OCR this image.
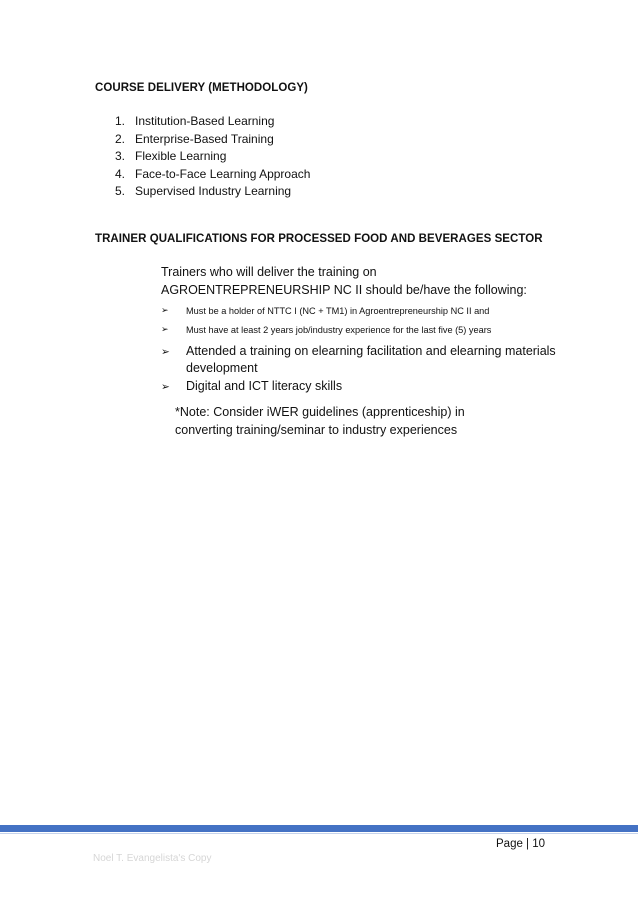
COURSE DELIVERY (METHODOLOGY)
1. Institution-Based Learning
2. Enterprise-Based Training
3. Flexible Learning
4. Face-to-Face Learning Approach
5. Supervised Industry Learning
TRAINER QUALIFICATIONS FOR PROCESSED FOOD AND BEVERAGES SECTOR

Trainers who will deliver the training on

AGROENTREPRENEURSHIP NC II should be/have the following:

➢ Must be a holder of NTTC I (NC + TM1) in Agroentrepreneurship NC II and
➢ Must have at least 2 years job/industry experience for the last five (5) years
➢ Attended a training on elearning facilitation and elearning materials development
➢ Digital and ICT literacy skills

*Note: Consider iWER guidelines (apprenticeship) in

converting training/seminar to industry experiences

Page | 10
Noel T. Evangelista's Copy
